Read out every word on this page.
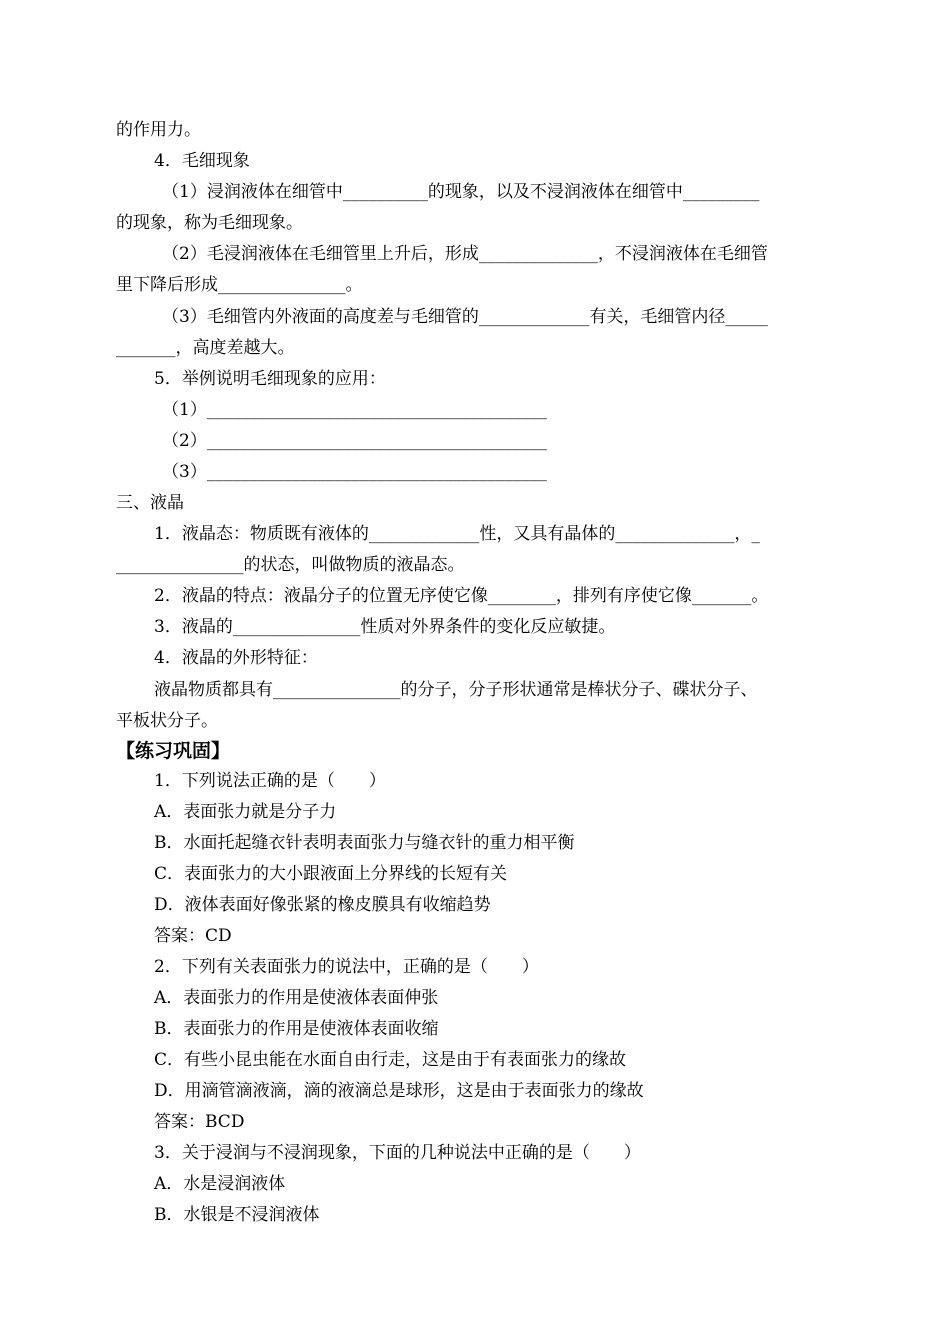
的作用力。
4．毛细现象
（1）浸润液体在细管中__________的现象，以及不浸润液体在细管中_________
的现象，称为毛细现象。
（2）毛浸润液体在毛细管里上升后，形成______________，不浸润液体在毛细管
里下降后形成_______________。
（3）毛细管内外液面的高度差与毛细管的_____________有关，毛细管内径_____
_______，高度差越大。
5．举例说明毛细现象的应用：
（1）________________________________________
（2）________________________________________
（3）________________________________________
三、液晶
1．液晶态：物质既有液体的_____________性，又具有晶体的______________，_
_______________的状态，叫做物质的液晶态。
2．液晶的特点：液晶分子的位置无序使它像________，排列有序使它像_______。
3．液晶的_______________性质对外界条件的变化反应敏捷。
4．液晶的外形特征：
液晶物质都具有_______________的分子，分子形状通常是棒状分子、碟状分子、
平板状分子。
【练习巩固】
1．下列说法正确的是（　　）
A．表面张力就是分子力
B．水面托起缝衣针表明表面张力与缝衣针的重力相平衡
C．表面张力的大小跟液面上分界线的长短有关
D．液体表面好像张紧的橡皮膜具有收缩趋势
答案：CD
2．下列有关表面张力的说法中，正确的是（　　）
A．表面张力的作用是使液体表面伸张
B．表面张力的作用是使液体表面收缩
C．有些小昆虫能在水面自由行走，这是由于有表面张力的缘故
D．用滴管滴液滴，滴的液滴总是球形，这是由于表面张力的缘故
答案：BCD
3．关于浸润与不浸润现象，下面的几种说法中正确的是（　　）
A．水是浸润液体
B．水银是不浸润液体
